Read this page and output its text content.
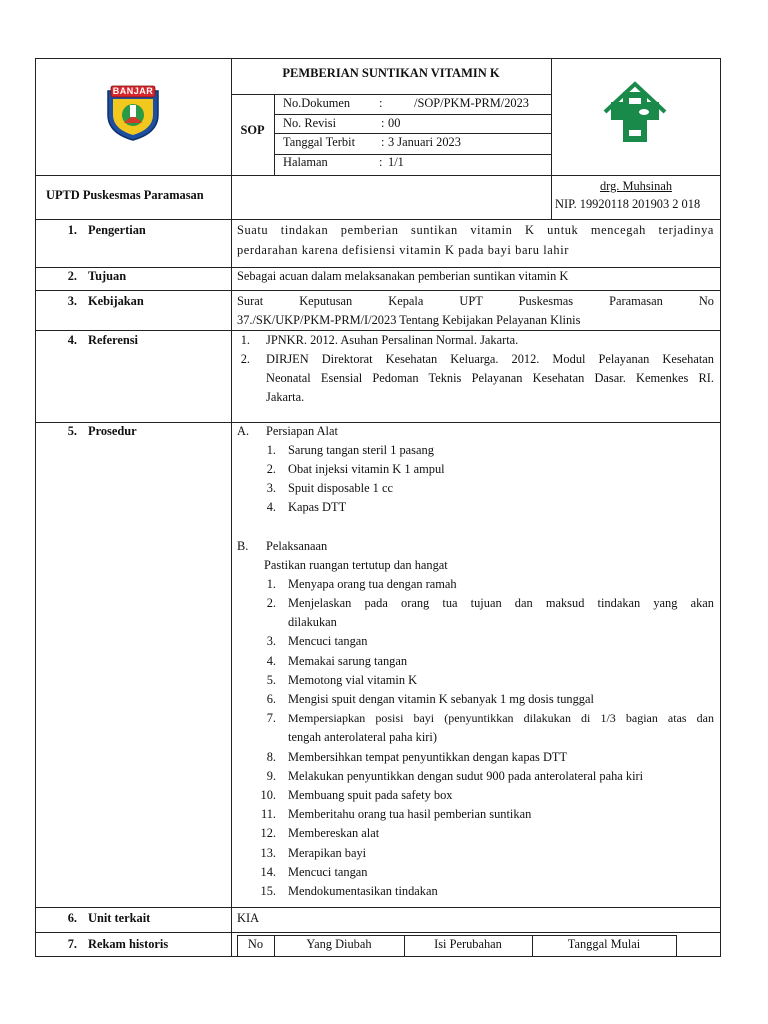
BANJAR
PEMBERIAN SUNTIKAN VITAMIN K
SOP
No.Dokumen :	/SOP/PKM-PRM/2023
No. Revisi	: 00
Tanggal Terbit : 3 Januari 2023
Halaman	: 1/1
UPTD Puskesmas Paramasan
drg. Muhsinah
NIP. 19920118 201903 2 018
1. Pengertian	Suatu tindakan pemberian suntikan vitamin K untuk mencegah terjadinya
perdarahan karena defisiensi vitamin K pada bayi baru lahir
2. Tujuan	Sebagai acuan dalam melaksanakan pemberian suntikan vitamin K
3. Kebijakan	Surat Keputusan Kepala UPT Puskesmas Paramasan No
37./SK/UKP/PKM-PRM/I/2023 Tentang Kebijakan Pelayanan Klinis
4. Referensi	1. JPNKR. 2012. Asuhan Persalinan Normal. Jakarta.
2. DIRJEN Direktorat Kesehatan Keluarga. 2012. Modul Pelayanan Kesehatan
Neonatal Esensial Pedoman Teknis Pelayanan Kesehatan Dasar. Kemenkes RI.
Jakarta.
5. Prosedur	A. Persiapan Alat
1. Sarung tangan steril 1 pasang
2. Obat injeksi vitamin K 1 ampul
3. Spuit disposable 1 cc
4. Kapas DTT
B. Pelaksanaan
Pastikan ruangan tertutup dan hangat
1. Menyapa orang tua dengan ramah
2. Menjelaskan pada orang tua tujuan dan maksud tindakan yang akan
dilakukan
3. Mencuci tangan
4. Memakai sarung tangan
5. Memotong vial vitamin K
6. Mengisi spuit dengan vitamin K sebanyak 1 mg dosis tunggal
7. Mempersiapkan posisi bayi (penyuntikkan dilakukan di 1/3 bagian atas dan
tengah anterolateral paha kiri)
8. Membersihkan tempat penyuntikkan dengan kapas DTT
9. Melakukan penyuntikkan dengan sudut 900 pada anterolateral paha kiri
10. Membuang spuit pada safety box
11. Memberitahu orang tua hasil pemberian suntikan
12. Membereskan alat
13. Merapikan bayi
14. Mencuci tangan
15. Mendokumentasikan tindakan
6. Unit terkait	KIA
7. Rekam historis	No	Yang Diubah	Isi Perubahan	Tanggal Mulai
